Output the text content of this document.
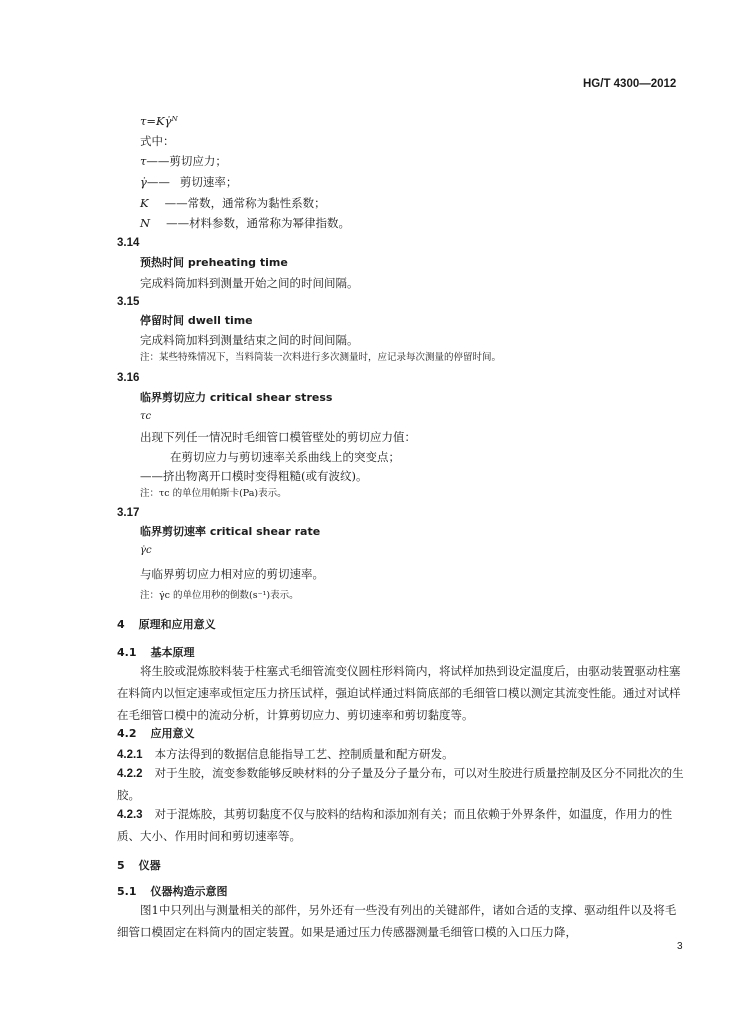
HG/T 4300—2012
τ=Kγ̇ᴺ
式中：
τ——剪切应力；
γ̇—— 剪切速率；
K ——常数，通常称为黏性系数；
N ——材料参数，通常称为幂律指数。
3.14
预热时间 preheating time
完成料筒加料到测量开始之间的时间间隔。
3.15
停留时间 dwell time
完成料筒加料到测量结束之间的时间间隔。
注：某些特殊情况下，当料筒装一次料进行多次测量时，应记录每次测量的停留时间。
3.16
临界剪切应力 critical shear stress
τc
出现下列任一情况时毛细管口模管壁处的剪切应力值：
在剪切应力与剪切速率关系曲线上的突变点；
——挤出物离开口模时变得粗糙(或有波纹)。
注：τc 的单位用帕斯卡(Pa)表示。
3.17
临界剪切速率 critical shear rate
γ̇c
与临界剪切应力相对应的剪切速率。
注：γ̇c 的单位用秒的倒数(s⁻¹)表示。
4 原理和应用意义
4.1 基本原理
将生胶或混炼胶料装于柱塞式毛细管流变仪圆柱形料筒内，将试样加热到设定温度后，由驱动装置驱动柱塞在料筒内以恒定速率或恒定压力挤压试样，强迫试样通过料筒底部的毛细管口模以测定其流变性能。通过对试样在毛细管口模中的流动分析，计算剪切应力、剪切速率和剪切黏度等。
4.2 应用意义
4.2.1 本方法得到的数据信息能指导工艺、控制质量和配方研发。
4.2.2 对于生胶，流变参数能够反映材料的分子量及分子量分布，可以对生胶进行质量控制及区分不同批次的生胶。
4.2.3 对于混炼胶，其剪切黏度不仅与胶料的结构和添加剂有关；而且依赖于外界条件，如温度，作用力的性质、大小、作用时间和剪切速率等。
5 仪器
5.1 仪器构造示意图
图1中只列出与测量相关的部件，另外还有一些没有列出的关键部件，诸如合适的支撑、驱动组件以及将毛细管口模固定在料筒内的固定装置。如果是通过压力传感器测量毛细管口模的入口压力降，
3
